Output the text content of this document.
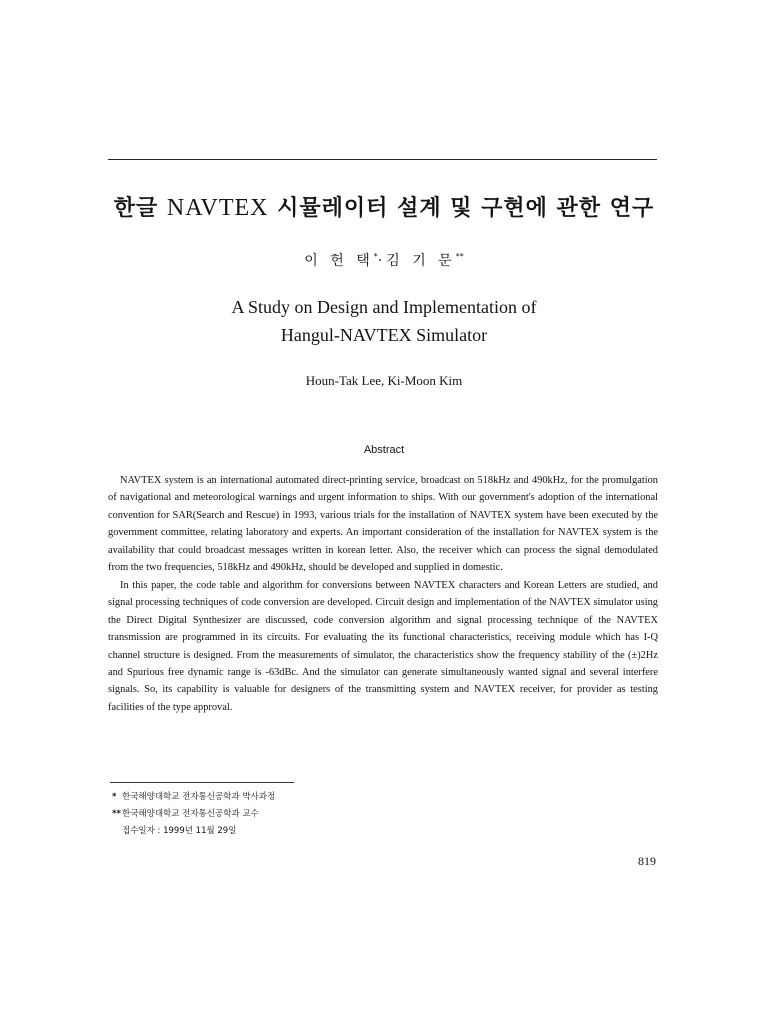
한글 NAVTEX 시뮬레이터 설계 및 구현에 관한 연구
이 헌 택*·김 기 문**
A Study on Design and Implementation of
Hangul-NAVTEX Simulator
Houn-Tak Lee, Ki-Moon Kim
Abstract

NAVTEX system is an international automated direct-printing service, broadcast on 518kHz and 490kHz, for the promulgation of navigational and meteorological warnings and urgent information to ships. With our government's adoption of the international convention for SAR(Search and Rescue) in 1993, various trials for the installation of NAVTEX system have been executed by the government committee, relating laboratory and experts. An important consideration of the installation for NAVTEX system is the availability that could broadcast messages written in korean letter. Also, the receiver which can process the signal demodulated from the two frequencies, 518kHz and 490kHz, should be developed and supplied in domestic.

In this paper, the code table and algorithm for conversions between NAVTEX characters and Korean Letters are studied, and signal processing techniques of code conversion are developed. Circuit design and implementation of the NAVTEX simulator using the Direct Digital Synthesizer are discussed, code conversion algorithm and signal processing technique of the NAVTEX transmission are programmed in its circuits. For evaluating the its functional characteristics, receiving module which has I-Q channel structure is designed. From the measurements of simulator, the characteristics show the frequency stability of the (±)2Hz and Spurious free dynamic range is -63dBc. And the simulator can generate simultaneously wanted signal and several interfere signals. So, its capability is valuable for designers of the transmitting system and NAVTEX receiver, for provider as testing facilities of the type approval.

* 한국해양대학교 전자통신공학과 박사과정
**한국해양대학교 전자통신공학과 교수
접수일자 : 1999년 11월 29일
819
